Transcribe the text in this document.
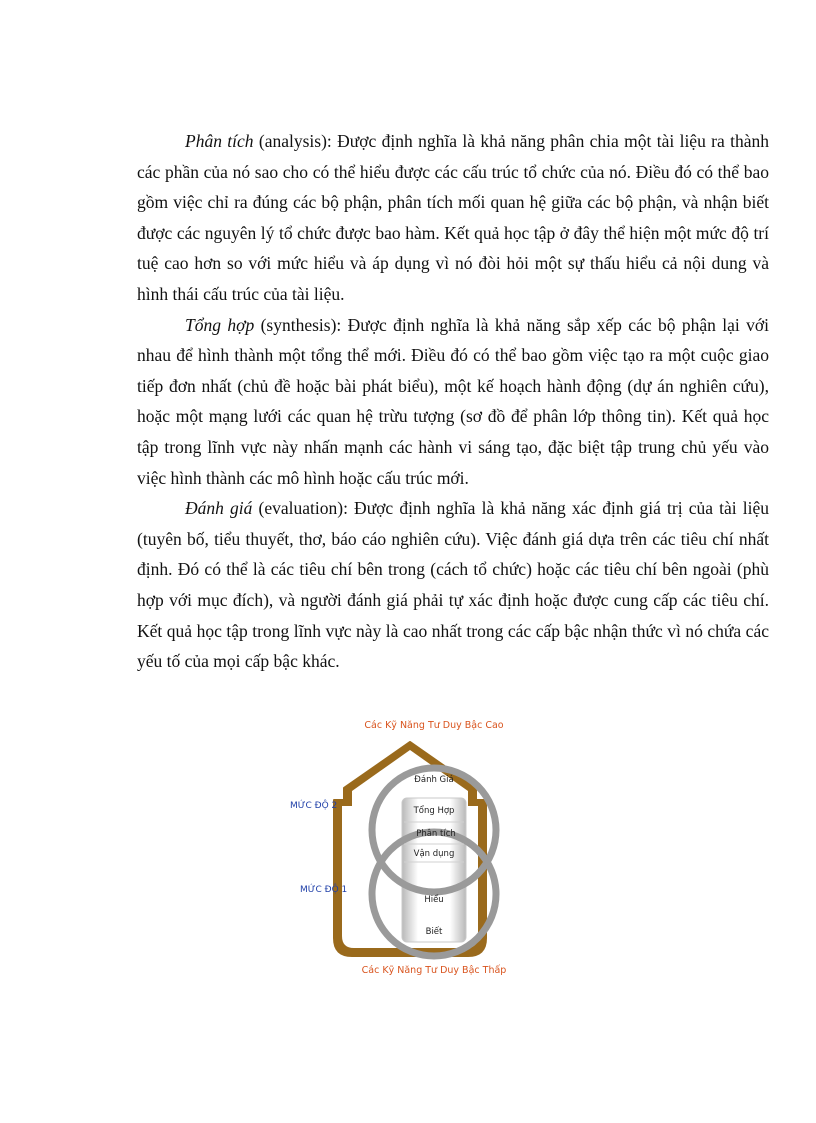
Phân tích (analysis): Được định nghĩa là khả năng phân chia một tài liệu ra thành các phần của nó sao cho có thể hiểu được các cấu trúc tổ chức của nó. Điều đó có thể bao gồm việc chỉ ra đúng các bộ phận, phân tích mối quan hệ giữa các bộ phận, và nhận biết được các nguyên lý tổ chức được bao hàm. Kết quả học tập ở đây thể hiện một mức độ trí tuệ cao hơn so với mức hiểu và áp dụng vì nó đòi hỏi một sự thấu hiểu cả nội dung và hình thái cấu trúc của tài liệu.

Tổng hợp (synthesis): Được định nghĩa là khả năng sắp xếp các bộ phận lại với nhau để hình thành một tổng thể mới. Điều đó có thể bao gồm việc tạo ra một cuộc giao tiếp đơn nhất (chủ đề hoặc bài phát biểu), một kế hoạch hành động (dự án nghiên cứu), hoặc một mạng lưới các quan hệ trừu tượng (sơ đồ để phân lớp thông tin). Kết quả học tập trong lĩnh vực này nhấn mạnh các hành vi sáng tạo, đặc biệt tập trung chủ yếu vào việc hình thành các mô hình hoặc cấu trúc mới.

Đánh giá (evaluation): Được định nghĩa là khả năng xác định giá trị của tài liệu (tuyên bố, tiểu thuyết, thơ, báo cáo nghiên cứu). Việc đánh giá dựa trên các tiêu chí nhất định. Đó có thể là các tiêu chí bên trong (cách tổ chức) hoặc các tiêu chí bên ngoài (phù hợp với mục đích), và người đánh giá phải tự xác định hoặc được cung cấp các tiêu chí. Kết quả học tập trong lĩnh vực này là cao nhất trong các cấp bậc nhận thức vì nó chứa các yếu tố của mọi cấp bậc khác.

Các Kỹ Năng Tư Duy Bậc Cao
Các Kỹ Năng Tư Duy Bậc Thấp
MỨC ĐỘ 2
MỨC ĐỘ 1
Đánh Giá
Tổng Hợp
Phân tích
Vận dụng
Hiểu
Biết
